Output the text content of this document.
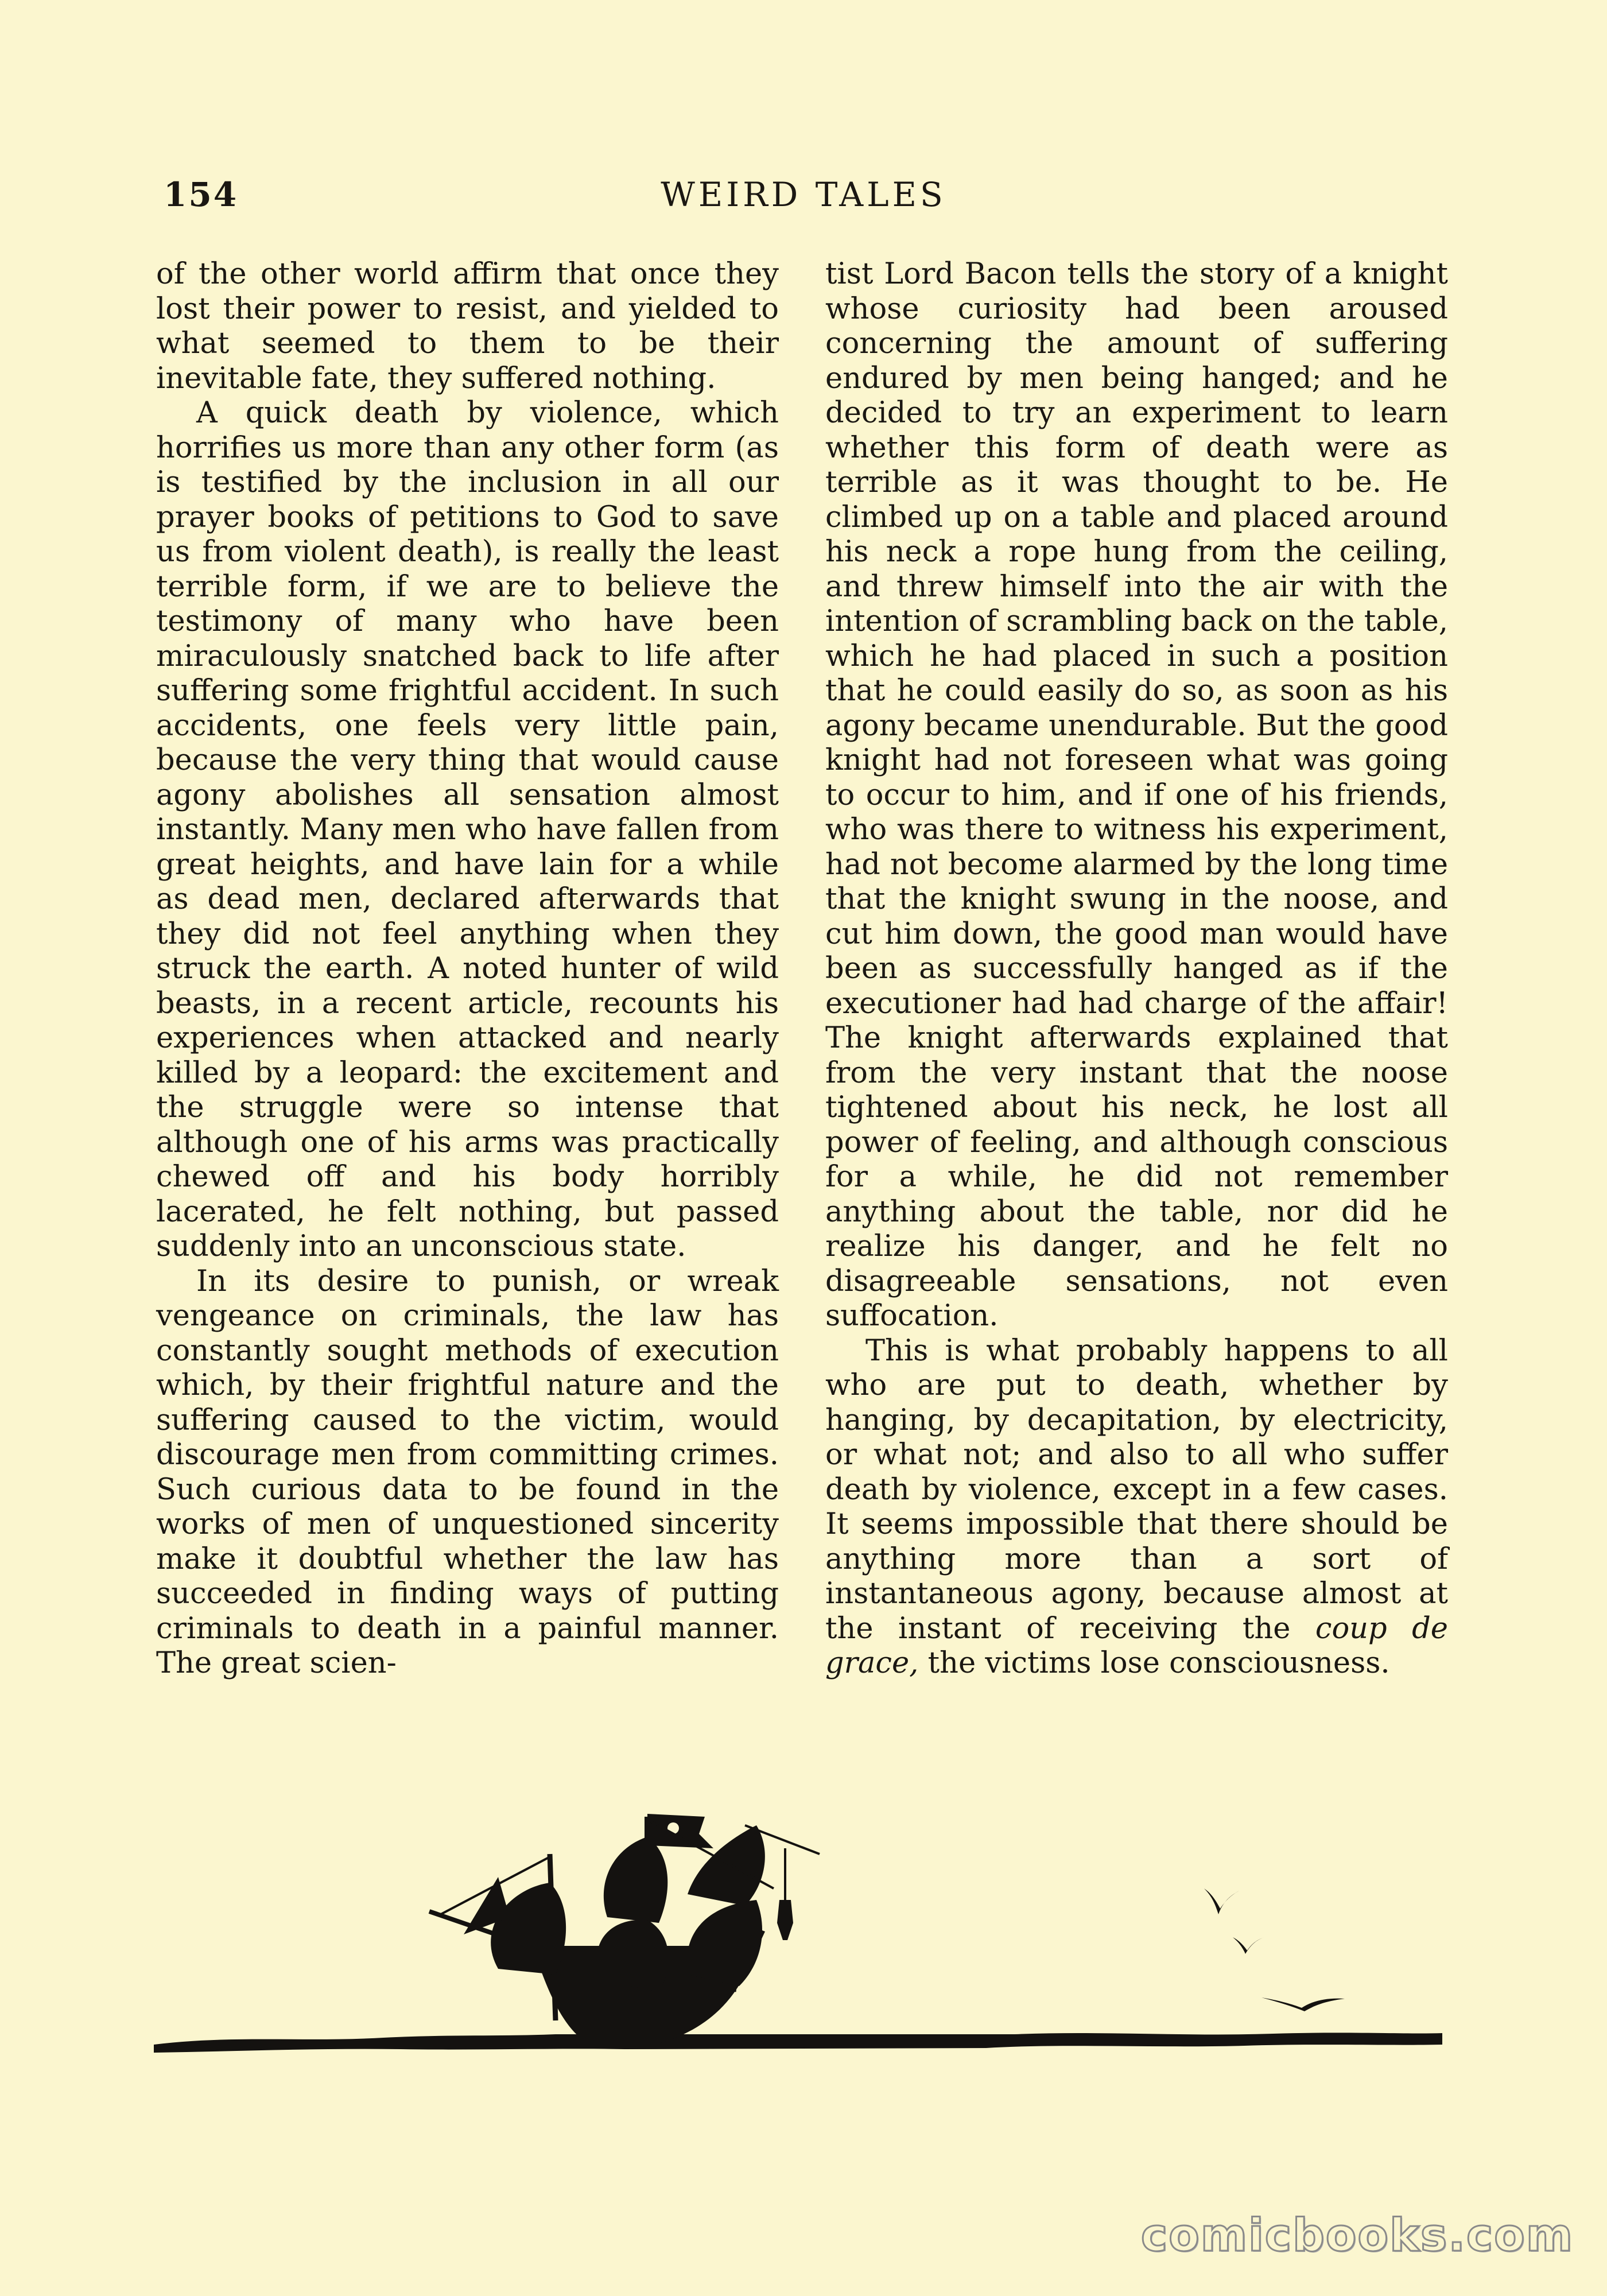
154	WEIRD TALES

of the other world affirm that once they lost their power to resist, and yielded to what seemed to them to be their inevitable fate, they suffered nothing.

A quick death by violence, which horrifies us more than any other form (as is testified by the inclusion in all our prayer books of petitions to God to save us from violent death), is really the least terrible form, if we are to believe the testimony of many who have been miraculously snatched back to life after suffering some frightful accident. In such accidents, one feels very little pain, because the very thing that would cause agony abolishes all sensation almost instantly. Many men who have fallen from great heights, and have lain for a while as dead men, declared afterwards that they did not feel anything when they struck the earth. A noted hunter of wild beasts, in a recent article, recounts his experiences when attacked and nearly killed by a leopard: the excitement and the struggle were so intense that although one of his arms was practically chewed off and his body horribly lacerated, he felt nothing, but passed suddenly into an unconscious state.

In its desire to punish, or wreak vengeance on criminals, the law has constantly sought methods of execution which, by their frightful nature and the suffering caused to the victim, would discourage men from committing crimes. Such curious data to be found in the works of men of unquestioned sincerity make it doubtful whether the law has succeeded in finding ways of putting criminals to death in a painful manner. The great scien-

tist Lord Bacon tells the story of a knight whose curiosity had been aroused concerning the amount of suffering endured by men being hanged; and he decided to try an experiment to learn whether this form of death were as terrible as it was thought to be. He climbed up on a table and placed around his neck a rope hung from the ceiling, and threw himself into the air with the intention of scrambling back on the table, which he had placed in such a position that he could easily do so, as soon as his agony became unendurable. But the good knight had not foreseen what was going to occur to him, and if one of his friends, who was there to witness his experiment, had not become alarmed by the long time that the knight swung in the noose, and cut him down, the good man would have been as successfully hanged as if the executioner had had charge of the affair! The knight afterwards explained that from the very instant that the noose tightened about his neck, he lost all power of feeling, and although conscious for a while, he did not remember anything about the table, nor did he realize his danger, and he felt no disagreeable sensations, not even suffocation.

This is what probably happens to all who are put to death, whether by hanging, by decapitation, by electricity, or what not; and also to all who suffer death by violence, except in a few cases. It seems impossible that there should be anything more than a sort of instantaneous agony, because almost at the instant of receiving the coup de grace, the victims lose consciousness.

comicbooks.com
